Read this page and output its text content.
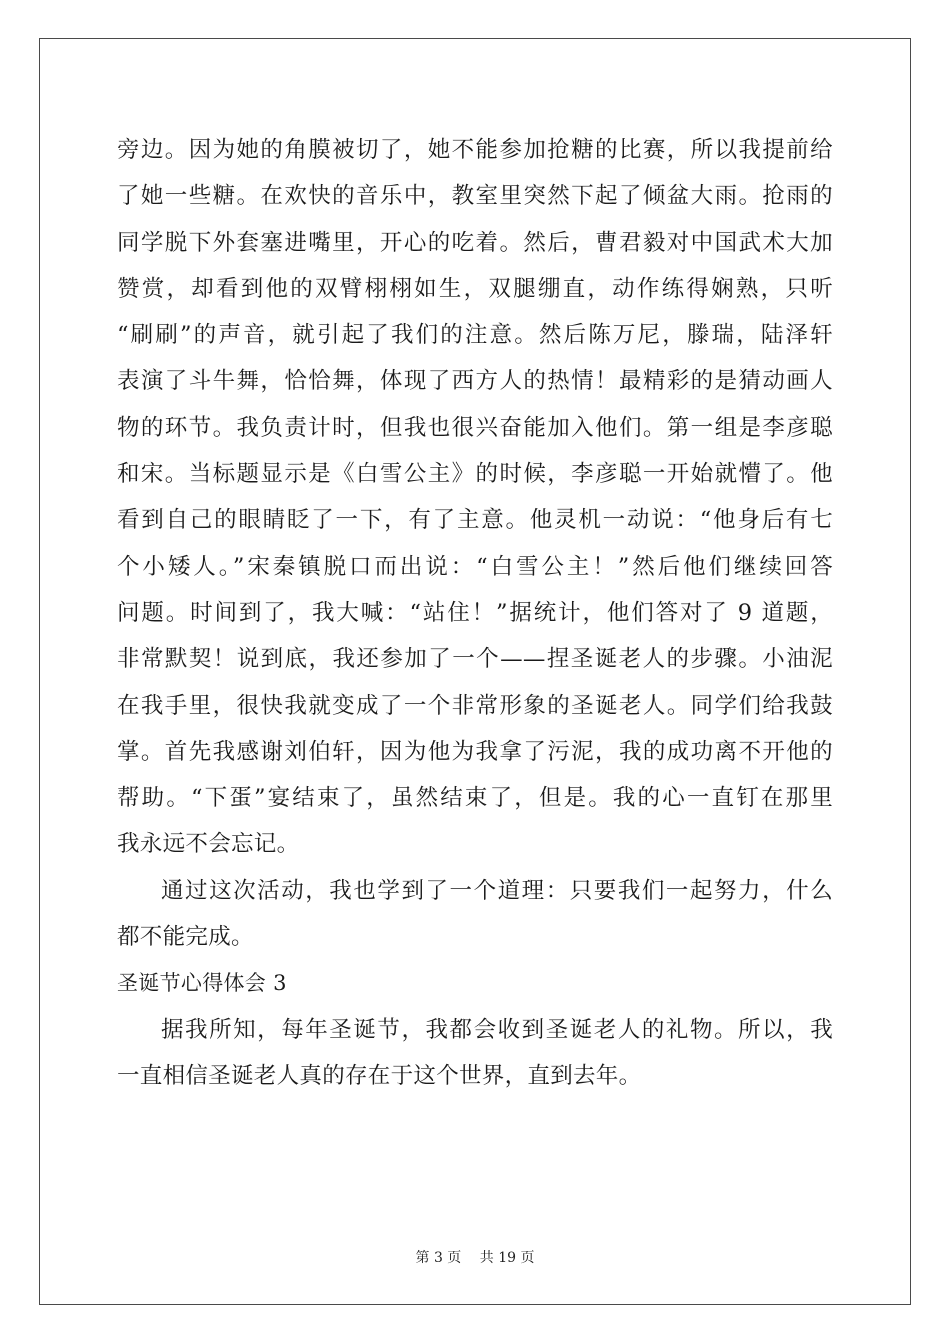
旁边。因为她的角膜被切了，她不能参加抢糖的比赛，所以我提前给
了她一些糖。在欢快的音乐中，教室里突然下起了倾盆大雨。抢雨的
同学脱下外套塞进嘴里，开心的吃着。然后，曹君毅对中国武术大加
赞赏，却看到他的双臂栩栩如生，双腿绷直，动作练得娴熟，只听
“刷刷”的声音，就引起了我们的注意。然后陈万尼，滕瑞，陆泽轩
表演了斗牛舞，恰恰舞，体现了西方人的热情！最精彩的是猜动画人
物的环节。我负责计时，但我也很兴奋能加入他们。第一组是李彦聪
和宋。当标题显示是《白雪公主》的时候，李彦聪一开始就懵了。他
看到自己的眼睛眨了一下，有了主意。他灵机一动说：“他身后有七
个小矮人。”宋秦镇脱口而出说：“白雪公主！”然后他们继续回答
问题。时间到了，我大喊：“站住！”据统计，他们答对了 9 道题，
非常默契！说到底，我还参加了一个——捏圣诞老人的步骤。小油泥
在我手里，很快我就变成了一个非常形象的圣诞老人。同学们给我鼓
掌。首先我感谢刘伯轩，因为他为我拿了污泥，我的成功离不开他的
帮助。“下蛋”宴结束了，虽然结束了，但是。我的心一直钉在那里
我永远不会忘记。
通过这次活动，我也学到了一个道理：只要我们一起努力，什么
都不能完成。
圣诞节心得体会 3
据我所知，每年圣诞节，我都会收到圣诞老人的礼物。所以，我
一直相信圣诞老人真的存在于这个世界，直到去年。
第 3 页 共 19 页
